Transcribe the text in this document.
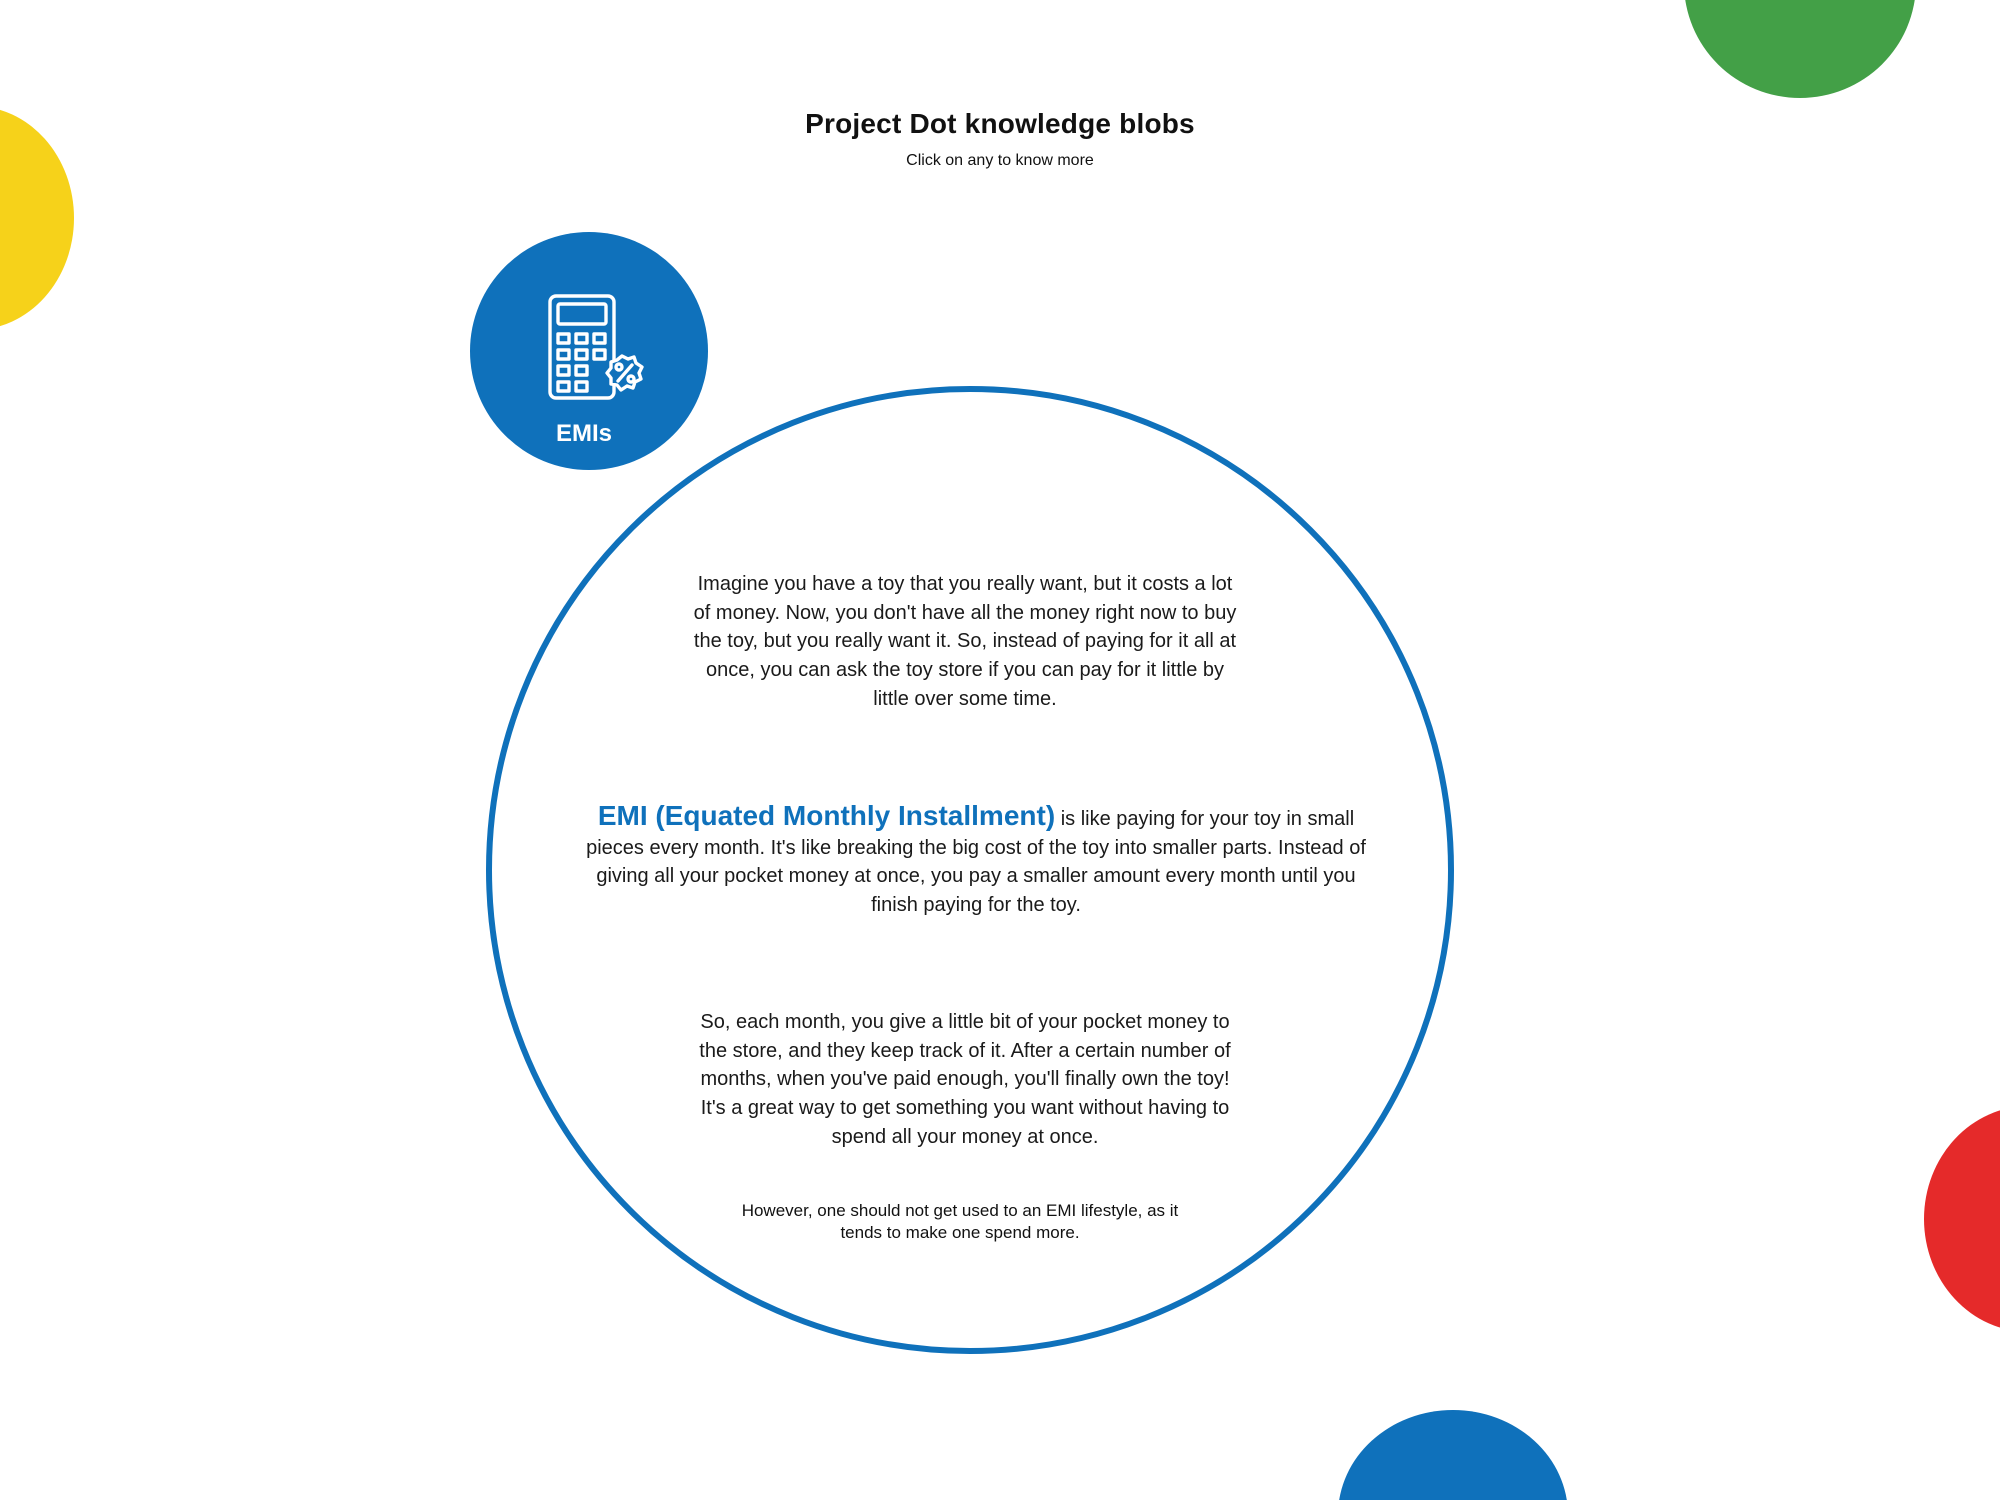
Project Dot knowledge blobs
Click on any to know more
EMIs

Imagine you have a toy that you really want, but it costs a lot of money. Now, you don't have all the money right now to buy the toy, but you really want it. So, instead of paying for it all at once, you can ask the toy store if you can pay for it little by little over some time.

EMI (Equated Monthly Installment) is like paying for your toy in small pieces every month. It's like breaking the big cost of the toy into smaller parts. Instead of giving all your pocket money at once, you pay a smaller amount every month until you finish paying for the toy.

So, each month, you give a little bit of your pocket money to the store, and they keep track of it. After a certain number of months, when you've paid enough, you'll finally own the toy! It's a great way to get something you want without having to spend all your money at once.

However, one should not get used to an EMI lifestyle, as it tends to make one spend more.
